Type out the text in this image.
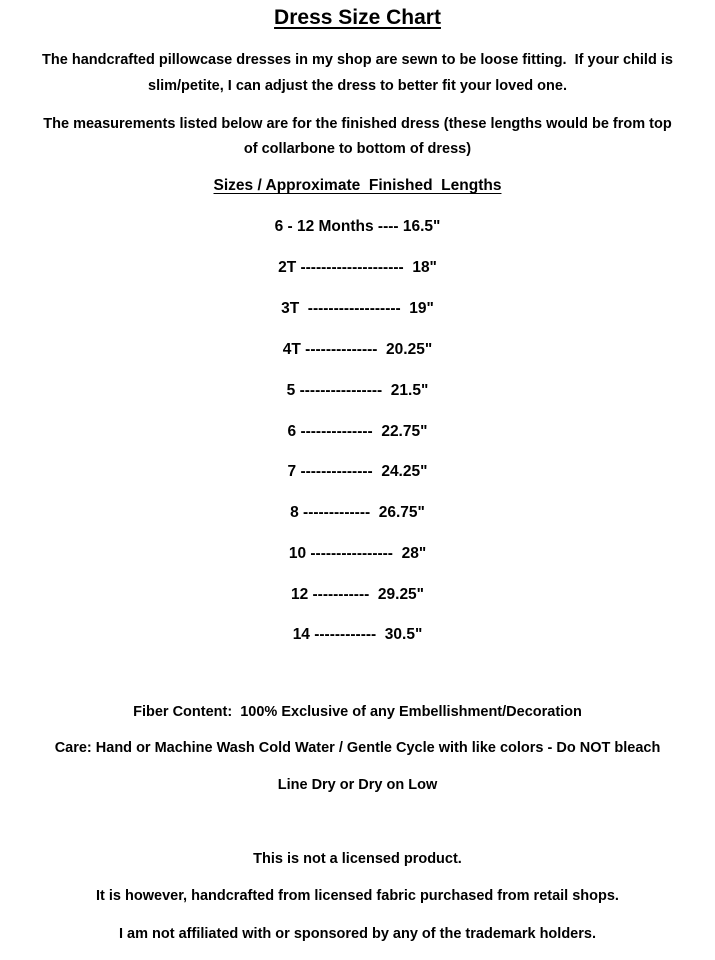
Dress Size Chart
The handcrafted pillowcase dresses in my shop are sewn to be loose fitting.  If your child is
slim/petite, I can adjust the dress to better fit your loved one.
The measurements listed below are for the finished dress (these lengths would be from top
of collarbone to bottom of dress)
Sizes / Approximate  Finished  Lengths
6 - 12 Months ---- 16.5"
2T --------------------  18"
3T  ------------------  19"
4T --------------  20.25"
5 ----------------  21.5"
6 --------------  22.75"
7 --------------  24.25"
8 -------------  26.75"
10 ----------------  28"
12 -----------  29.25"
14 ------------  30.5"
Fiber Content:  100% Exclusive of any Embellishment/Decoration
Care: Hand or Machine Wash Cold Water / Gentle Cycle with like colors - Do NOT bleach
Line Dry or Dry on Low
This is not a licensed product.
It is however, handcrafted from licensed fabric purchased from retail shops.
I am not affiliated with or sponsored by any of the trademark holders.
